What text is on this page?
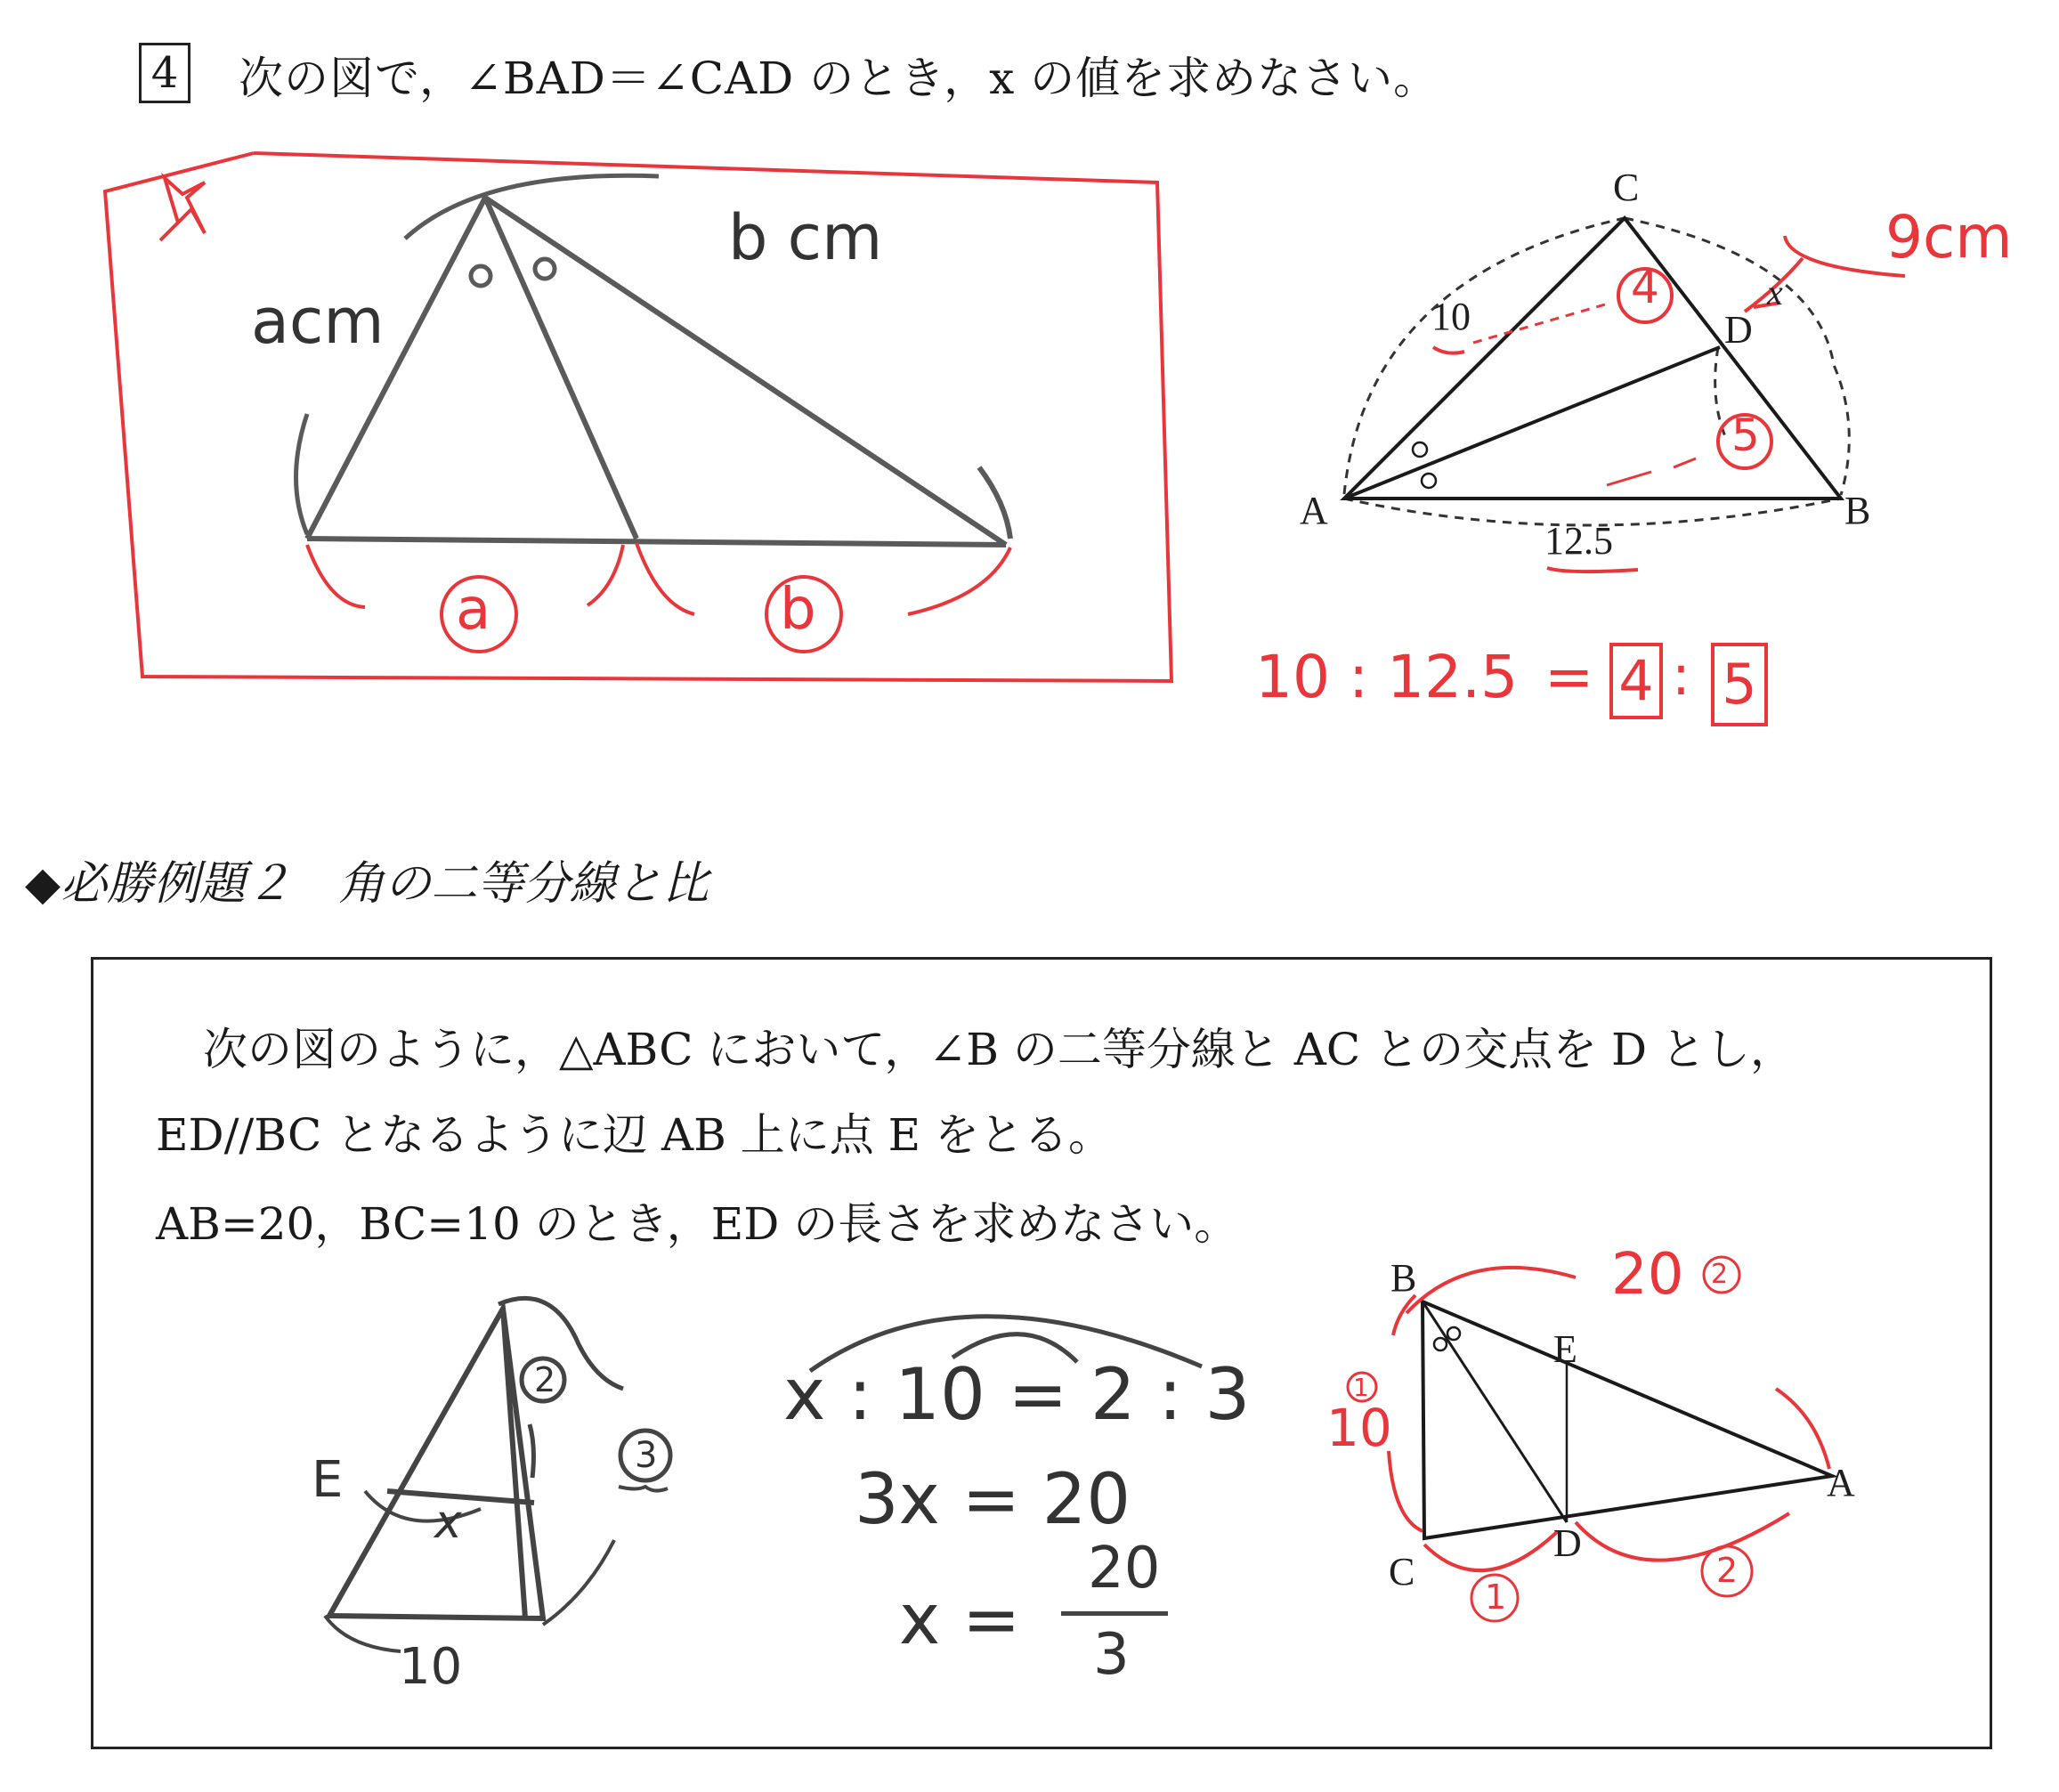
4 次の図で，∠BAD＝∠CAD のとき，x の値を求めなさい。
acm
b cm
a	b
C
D
A	B
10
12.5
x
4
5
9cm
10 : 12.5 = 4 : 5
◆必勝例題２　角の二等分線と比
次の図のように，△ABC において，∠B の二等分線と AC との交点を D とし，
ED//BC となるように辺 AB 上に点 E をとる。
AB=20，BC=10 のとき，ED の長さを求めなさい。
E
x
10
2
3
x : 10 = 2 : 3
3x = 20
x =
20
3
B
E
A
C
D
20 2
1
10
1
2
